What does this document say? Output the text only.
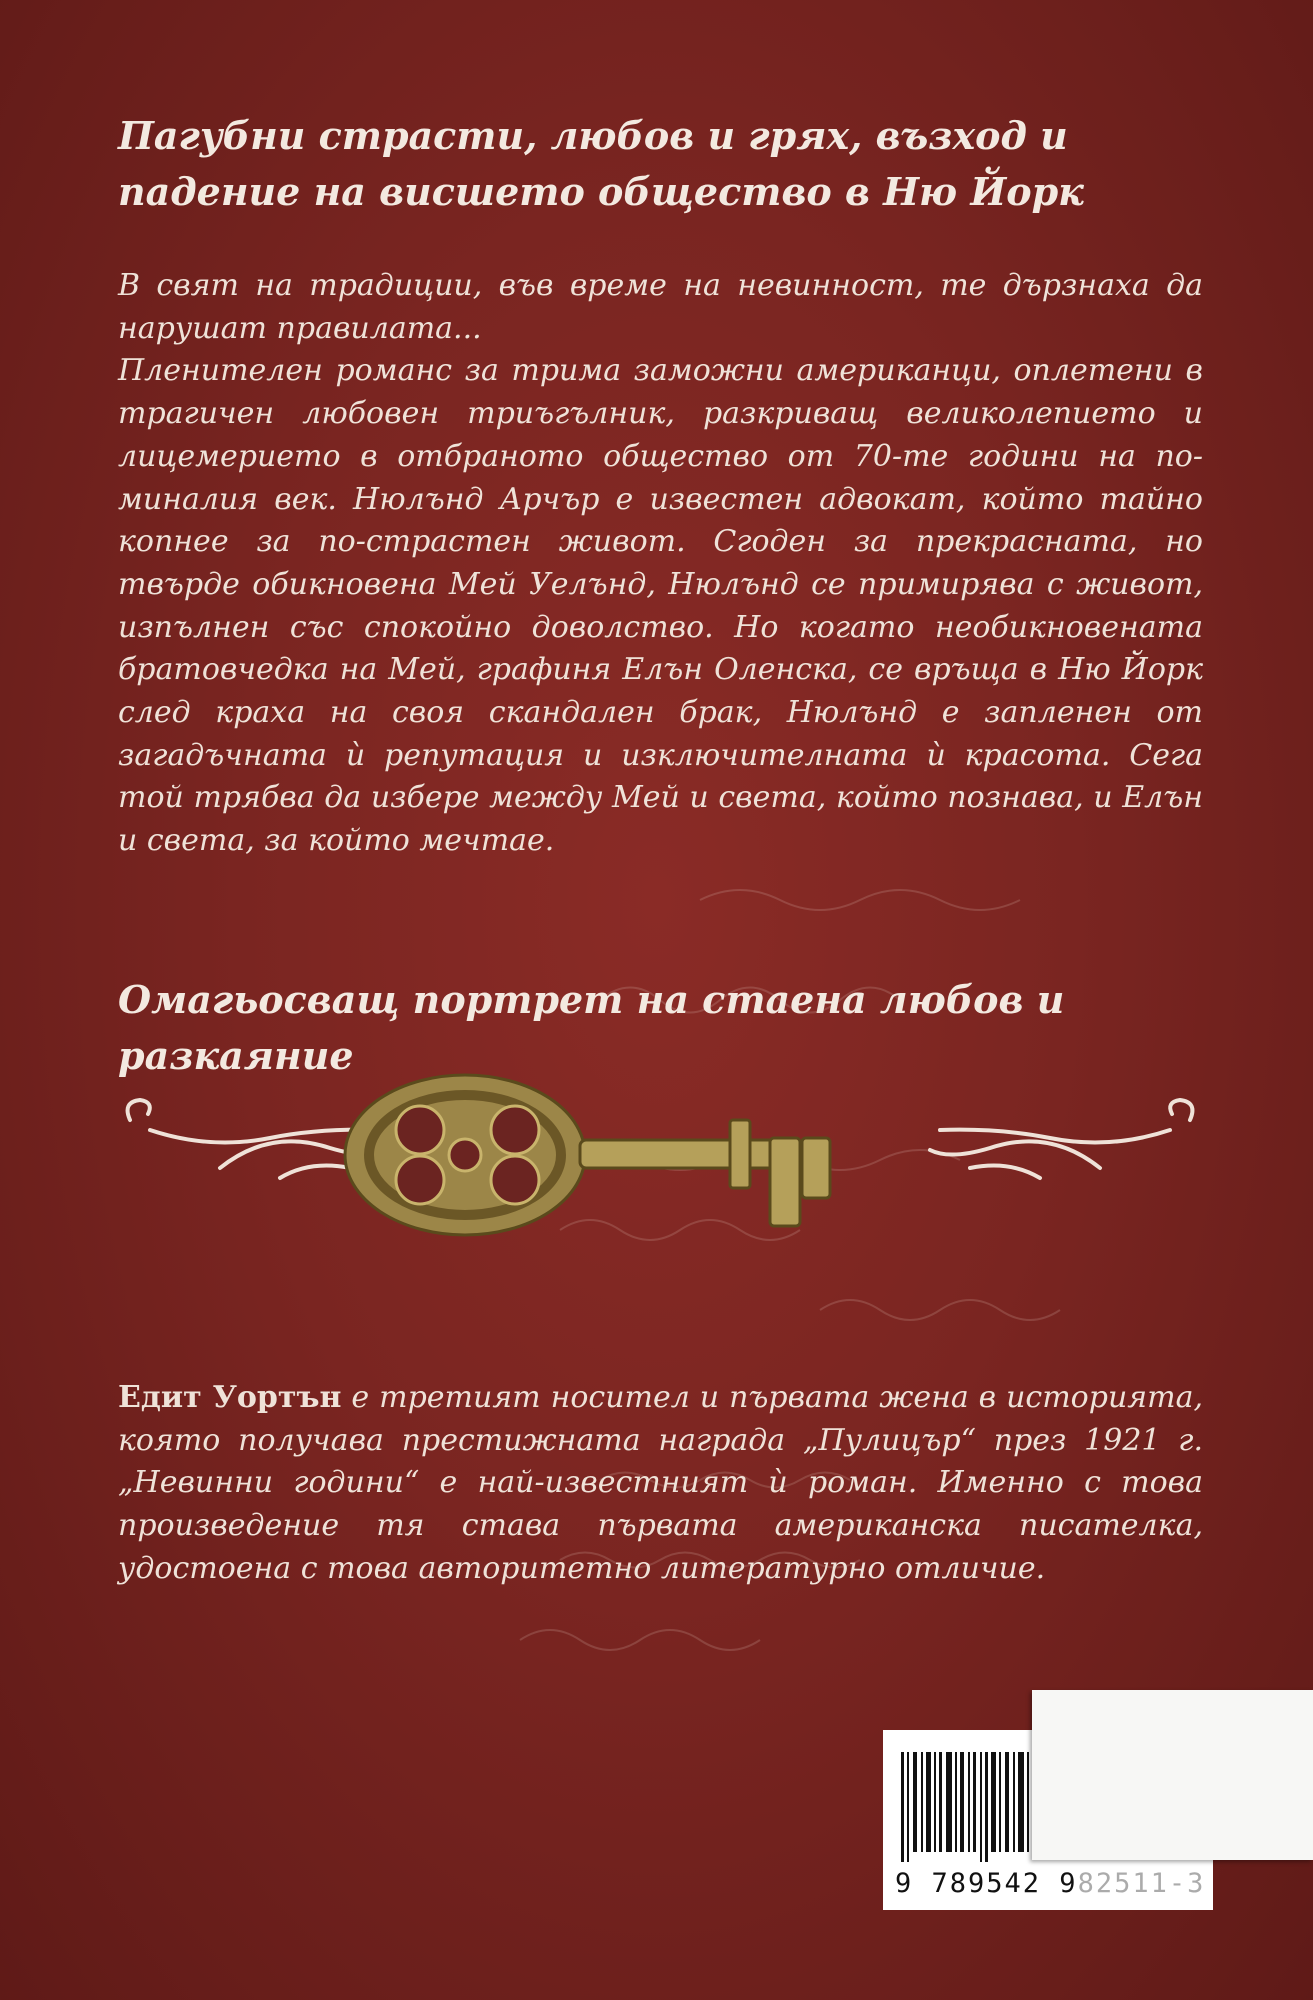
Пагубни страсти, любов и грях, възход и падение на висшето общество в Ню Йорк

В свят на традиции, във време на невинност, те дързнаха да нарушат правилата...

Пленителен романс за трима заможни американци, оплетени в трагичен любовен триъгълник, разкриващ великолепието и лицемерието в отбраното общество от 70-те години на по-миналия век. Нюлънд Арчър е известен адвокат, който тайно копнее за по-страстен живот. Сгоден за прекрасната, но твърде обикновена Мей Уелънд, Нюлънд се примирява с живот, изпълнен със спокойно доволство. Но когато необикновената братовчедка на Мей, графиня Елън Оленска, се връща в Ню Йорк след краха на своя скандален брак, Нюлънд е запленен от загадъчната ѝ репутация и изключителната ѝ красота. Сега той трябва да избере между Мей и света, който познава, и Елън и света, за който мечтае.

Омагьосващ портрет на стаена любов и разкаяние

Едит Уортън е третият носител и първата жена в историята, която получава престижната награда „Пулицър“ през 1921 г. „Невинни години“ е най-известният ѝ роман. Именно с това произведение тя става първата американска писателка, удостоена с това авторитетно литературно отличие.

9 789542 982511-3
